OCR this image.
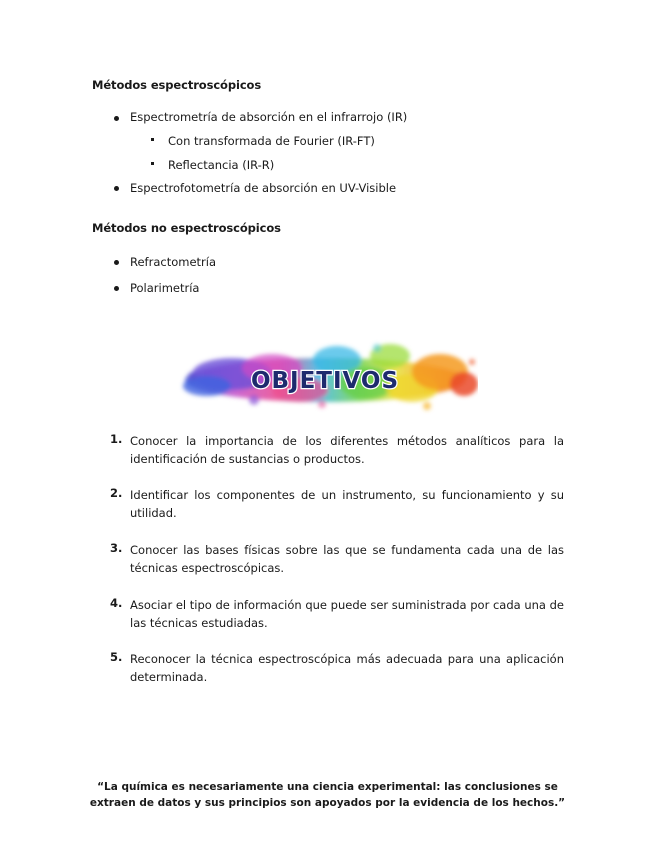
Métodos espectroscópicos
Espectrometría de absorción en el infrarrojo (IR)
Con transformada de Fourier (IR-FT)
Reflectancia (IR-R)
Espectrofotometría de absorción en UV-Visible
Métodos no espectroscópicos
Refractometría
Polarimetría
OBJETIVOS
1. Conocer la importancia de los diferentes métodos analíticos para la identificación de sustancias o productos.
2. Identificar los componentes de un instrumento, su funcionamiento y su utilidad.
3. Conocer las bases físicas sobre las que se fundamenta cada una de las técnicas espectroscópicas.
4. Asociar el tipo de información que puede ser suministrada por cada una de las técnicas estudiadas.
5. Reconocer la técnica espectroscópica más adecuada para una aplicación determinada.
“La química es necesariamente una ciencia experimental: las conclusiones se
extraen de datos y sus principios son apoyados por la evidencia de los hechos.”
